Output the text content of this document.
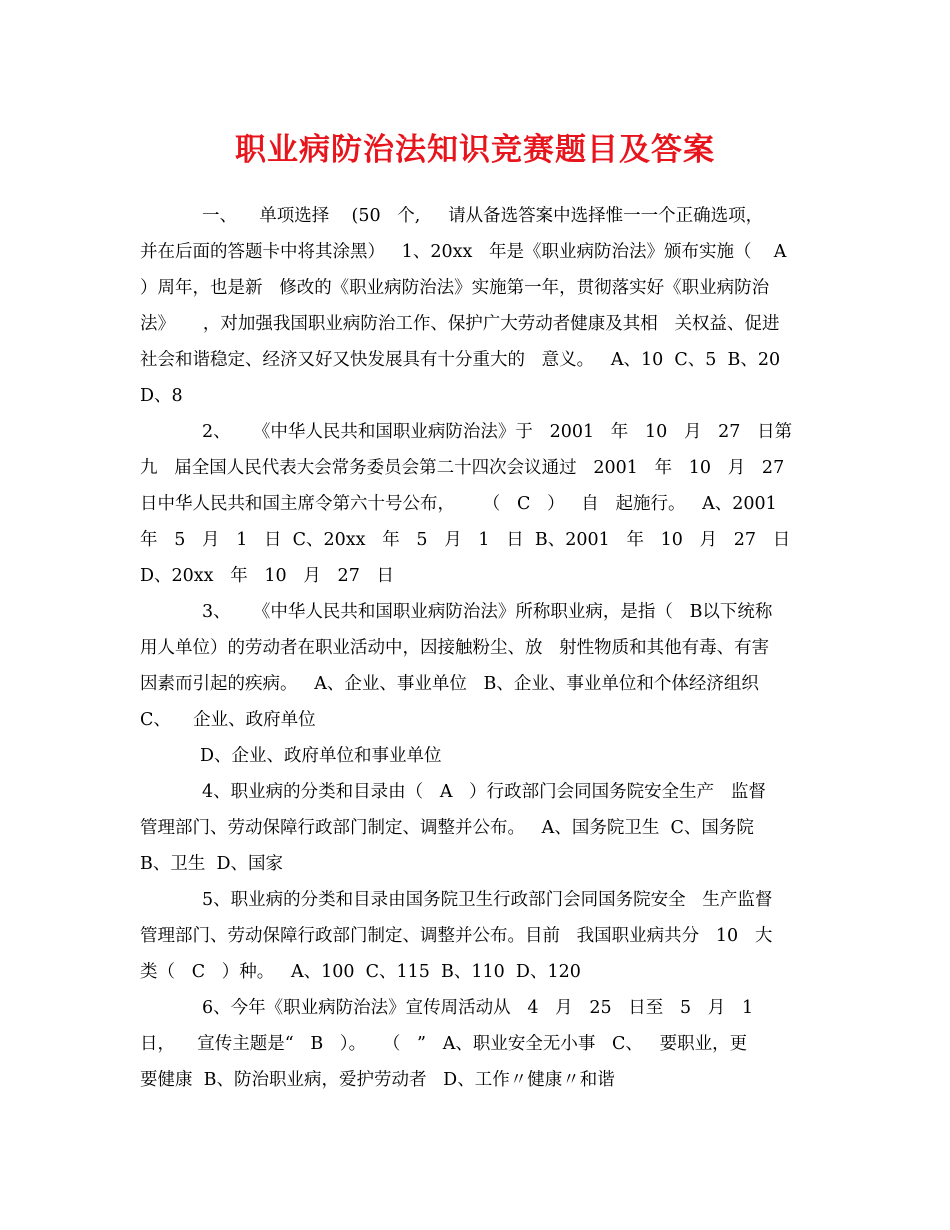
职业病防治法知识竞赛题目及答案
一、    单项选择    (50   个,     请从备选答案中选择惟一一个正确选项，
并在后面的答题卡中将其涂黑）   1、20xx   年是《职业病防治法》颁布实施（    A
）周年，也是新   修改的《职业病防治法》实施第一年，贯彻落实好《职业病防治
法》     ，对加强我国职业病防治工作、保护广大劳动者健康及其相   关权益、促进
社会和谐稳定、经济又好又快发展具有十分重大的   意义。   A、10  C、5  B、20
D、8
2、    《中华人民共和国职业病防治法》于   2001   年   10   月   27   日第
九   届全国人民代表大会常务委员会第二十四次会议通过   2001   年   10   月   27
日中华人民共和国主席令第六十号公布，     （   C   ）   自   起施行。   A、2001
年   5   月   1   日  C、20xx   年   5   月   1   日  B、2001   年   10   月   27   日
D、20xx   年   10   月   27   日
3、    《中华人民共和国职业病防治法》所称职业病，是指（   B以下统称
用人单位）的劳动者在职业活动中，因接触粉尘、放   射性物质和其他有毒、有害
因素而引起的疾病。   A、企业、事业单位   B、企业、事业单位和个体经济组织
C、    企业、政府单位
D、企业、政府单位和事业单位
4、职业病的分类和目录由（   A   ）行政部门会同国务院安全生产   监督
管理部门、劳动保障行政部门制定、调整并公布。   A、国务院卫生  C、国务院
B、卫生  D、国家
5、职业病的分类和目录由国务院卫生行政部门会同国务院安全   生产监督
管理部门、劳动保障行政部门制定、调整并公布。目前   我国职业病共分   10   大
类（   C   ）种。   A、100  C、115  B、110  D、120
6、今年《职业病防治法》宣传周活动从   4   月   25   日至   5   月   1
日，    宣传主题是“   B   ）。   （   ”   A、职业安全无小事   C、   要职业，更
要健康  B、防治职业病，爱护劳动者   D、工作〃健康〃和谐
